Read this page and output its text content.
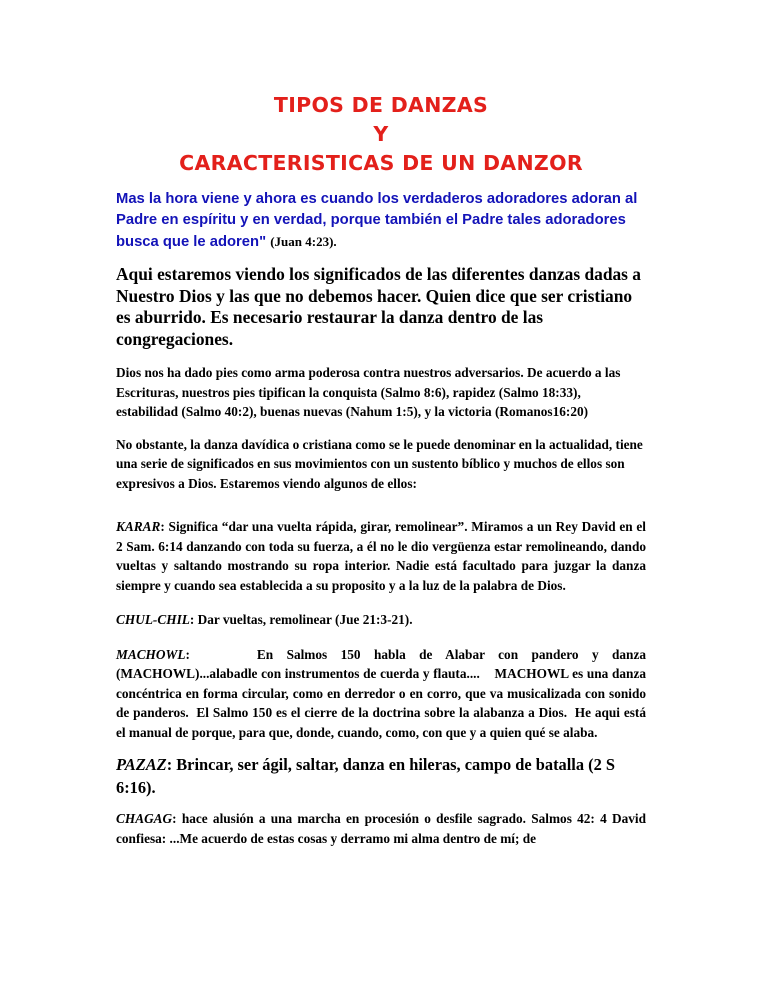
TIPOS DE DANZAS
Y
CARACTERISTICAS DE UN DANZOR

Mas la hora viene y ahora es cuando los verdaderos adoradores adoran al Padre en espíritu y en verdad, porque también el Padre tales adoradores busca que le adoren" (Juan 4:23).

Aqui estaremos viendo los significados de las diferentes danzas dadas a Nuestro Dios y las que no debemos hacer. Quien dice que ser cristiano es aburrido. Es necesario restaurar la danza dentro de las congregaciones.

Dios nos ha dado pies como arma poderosa contra nuestros adversarios. De acuerdo a las Escrituras, nuestros pies tipifican la conquista (Salmo 8:6), rapidez (Salmo 18:33), estabilidad (Salmo 40:2), buenas nuevas (Nahum 1:5), y la victoria (Romanos16:20)

No obstante, la danza davídica o cristiana como se le puede denominar en la actualidad, tiene una serie de significados en sus movimientos con un sustento bíblico y muchos de ellos son expresivos a Dios. Estaremos viendo algunos de ellos:

KARAR: Significa “dar una vuelta rápida, girar, remolinear”. Miramos a un Rey David en el 2 Sam. 6:14 danzando con toda su fuerza, a él no le dio vergüenza estar remolineando, dando vueltas y saltando mostrando su ropa interior. Nadie está facultado para juzgar la danza siempre y cuando sea establecida a su proposito y a la luz de la palabra de Dios.

CHUL-CHIL: Dar vueltas, remolinear (Jue 21:3-21).

MACHOWL:     En Salmos 150 habla de Alabar con pandero y danza (MACHOWL)...alabadle con instrumentos de cuerda y flauta....    MACHOWL es una danza concéntrica en forma circular, como en derredor o en corro, que va musicalizada con sonido de panderos.  El Salmo 150 es el cierre de la doctrina sobre la alabanza a Dios.  He aqui está el manual de porque, para que, donde, cuando, como, con que y a quien qué se alaba.

PAZAZ: Brincar, ser ágil, saltar, danza en hileras, campo de batalla (2 S 6:16).

CHAGAG: hace alusión a una marcha en procesión o desfile sagrado. Salmos 42: 4 David confiesa: ...Me acuerdo de estas cosas y derramo mi alma dentro de mí; de
